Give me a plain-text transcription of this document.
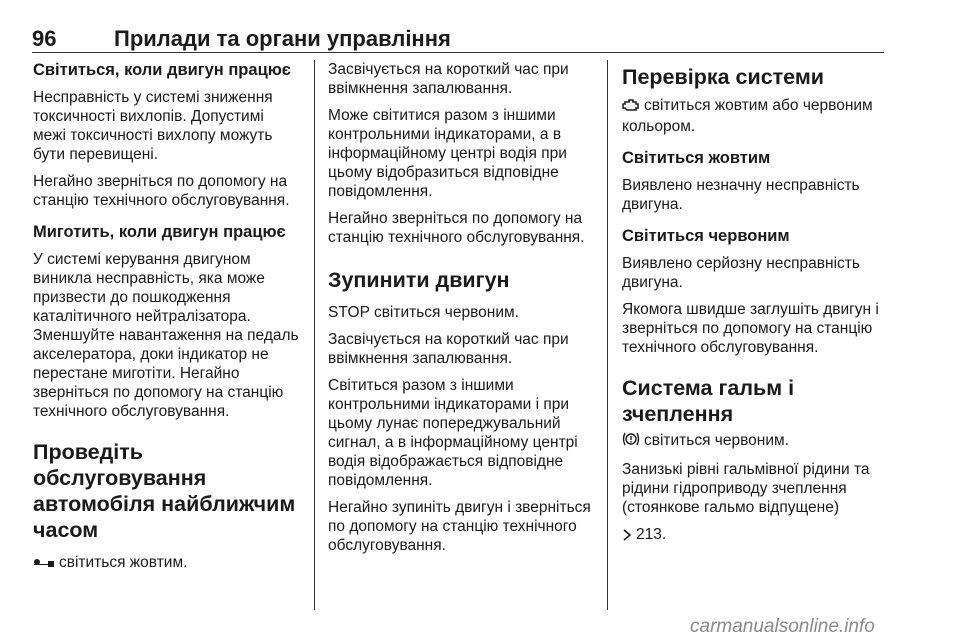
96	Прилади та органи управління
Світиться, коли двигун працює
Несправність у системі зниження токсичності вихлопів. Допустимі межі токсичності вихлопу можуть бути перевищені.
Негайно зверніться по допомогу на станцію технічного обслуговування.
Миготить, коли двигун працює
У системі керування двигуном виникла несправність, яка може призвести до пошкодження каталітичного нейтралізатора. Зменшуйте навантаження на педаль акселератора, доки індикатор не перестане миготіти. Негайно зверніться по допомогу на станцію технічного обслуговування.
Проведіть обслуговування автомобіля найближчим часом
світиться жовтим.
Засвічується на короткий час при ввімкнення запалювання.
Може світитися разом з іншими контрольними індикаторами, а в інформаційному центрі водія при цьому відобразиться відповідне повідомлення.
Негайно зверніться по допомогу на станцію технічного обслуговування.
Зупинити двигун
STOP світиться червоним.
Засвічується на короткий час при ввімкнення запалювання.
Світиться разом з іншими контрольними індикаторами і при цьому лунає попереджувальний сигнал, а в інформаційному центрі водія відображається відповідне повідомлення.
Негайно зупиніть двигун і зверніться по допомогу на станцію технічного обслуговування.
Перевірка системи
світиться жовтим або червоним кольором.
Світиться жовтим
Виявлено незначну несправність двигуна.
Світиться червоним
Виявлено серйозну несправність двигуна.
Якомога швидше заглушіть двигун і зверніться по допомогу на станцію технічного обслуговування.
Система гальм і зчеплення
світиться червоним.
Занизькі рівні гальмівної рідини та рідини гідроприводу зчеплення (стоянкове гальмо відпущене)
213.
carmanualsonline.info
